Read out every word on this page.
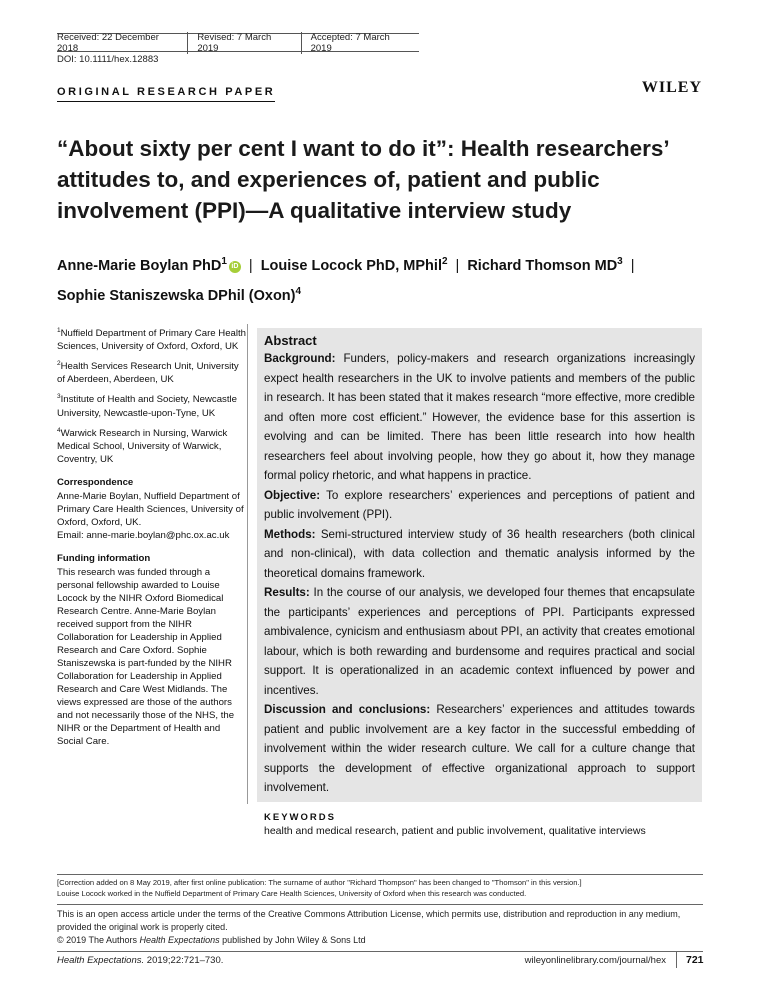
Received: 22 December 2018
Revised: 7 March 2019
Accepted: 7 March 2019
DOI: 10.1111/hex.12883
ORIGINAL RESEARCH PAPER	WILEY
“About sixty per cent I want to do it”: Health researchers’ attitudes to, and experiences of, patient and public involvement (PPI)—A qualitative interview study
Anne-Marie Boylan PhD$^1$ iD | Louise Locock PhD, MPhil$^2$ | Richard Thomson $MD^3$ |
Sophie Staniszewska DPhil (Oxon)$^4$

$^1$Nuffield Department of Primary Care Health Sciences, University of Oxford, Oxford, UK

$^2$Health Services Research Unit, University of Aberdeen, Aberdeen, UK

$^3$Institute of Health and Society, Newcastle University, Newcastle-upon-Tyne, UK

$^4$Warwick Research in Nursing, Warwick Medical School, University of Warwick, Coventry, UK

Correspondence

Anne-Marie Boylan, Nuffield Department of Primary Care Health Sciences, University of Oxford, Oxford, UK.

Email: anne-marie.boylan@phc.ox.ac.uk

Funding information

This research was funded through a personal fellowship awarded to Louise Locock by the NIHR Oxford Biomedical Research Centre. Anne-Marie Boylan received support from the NIHR Collaboration for Leadership in Applied Research and Care Oxford. Sophie Staniszewska is part-funded by the NIHR Collaboration for Leadership in Applied Research and Care West Midlands. The views expressed are those of the authors and not necessarily those of the NHS, the NIHR or the Department of Health and Social Care.

Abstract

Background: Funders, policy-makers and research organizations increasingly expect health researchers in the UK to involve patients and members of the public in research. It has been stated that it makes research “more effective, more credible and often more cost efficient.” However, the evidence base for this assertion is evolving and can be limited. There has been little research into how health researchers feel about involving people, how they go about it, how they manage formal policy rhetoric, and what happens in practice.

Objective: To explore researchers’ experiences and perceptions of patient and public involvement (PPI).

Methods: Semi-structured interview study of 36 health researchers (both clinical and non-clinical), with data collection and thematic analysis informed by the theoretical domains framework.

Results: In the course of our analysis, we developed four themes that encapsulate the participants’ experiences and perceptions of PPI. Participants expressed ambivalence, cynicism and enthusiasm about PPI, an activity that creates emotional labour, which is both rewarding and burdensome and requires practical and social support. It is operationalized in an academic context influenced by power and incentives.

Discussion and conclusions: Researchers’ experiences and attitudes towards patient and public involvement are a key factor in the successful embedding of involvement within the wider research culture. We call for a culture change that supports the development of effective organizational approach to support involvement.

KEYWORDS
health and medical research, patient and public involvement, qualitative interviews
[Correction added on 8 May 2019, after first online publication: The surname of author "Richard Thompson" has been changed to "Thomson" in this version.]
Louise Locock worked in the Nuffield Department of Primary Care Health Sciences, University of Oxford when this research was conducted.
This is an open access article under the terms of the Creative Commons Attribution License, which permits use, distribution and reproduction in any medium, provided the original work is properly cited.
© 2019 The Authors Health Expectations published by John Wiley & Sons Ltd
Health Expectations. 2019;22:721–730.	wileyonlinelibrary.com/journal/hex 721
